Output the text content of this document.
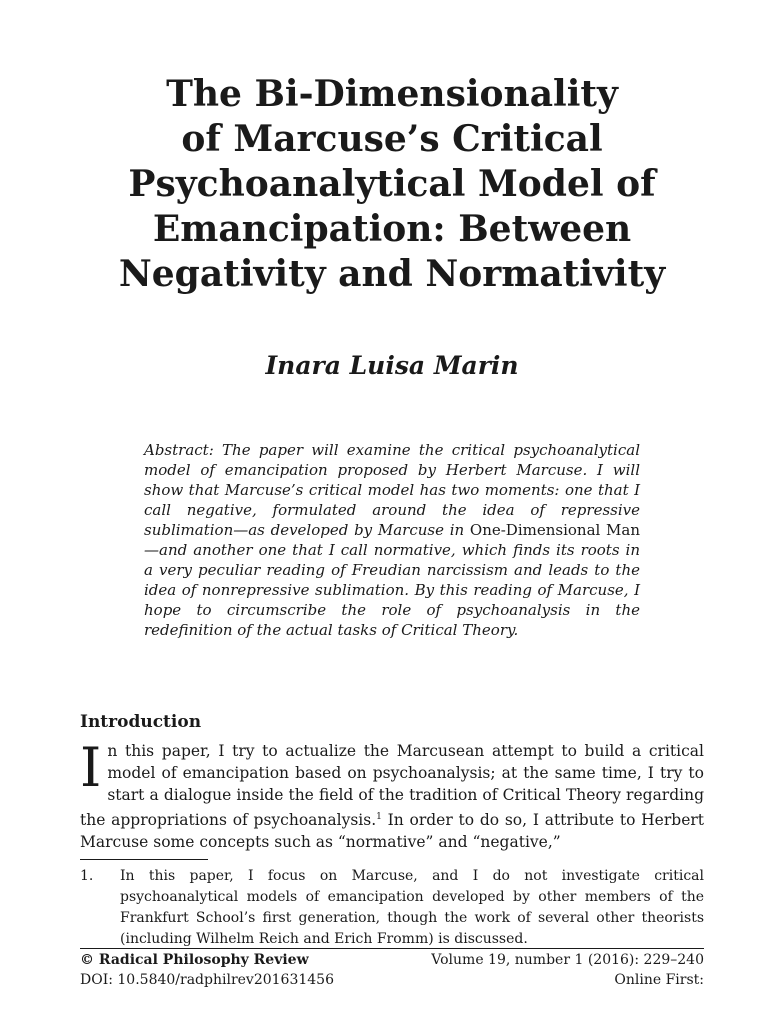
The Bi-Dimensionality
of Marcuse’s Critical
Psychoanalytical Model of
Emancipation: Between
Negativity and Normativity
Inara Luisa Marin

Abstract: The paper will examine the critical psychoanalytical model of emancipation proposed by Herbert Marcuse. I will show that Marcuse’s critical model has two moments: one that I call negative, formulated around the idea of repressive sublimation—as developed by Marcuse in One-Dimensional Man—and another one that I call normative, which finds its roots in a very peculiar reading of Freudian narcissism and leads to the idea of nonrepressive sublimation. By this reading of Marcuse, I hope to circumscribe the role of psychoanalysis in the redefinition of the actual tasks of Critical Theory.

Introduction

In this paper, I try to actualize the Marcusean attempt to build a critical model of emancipation based on psychoanalysis; at the same time, I try to start a dialogue inside the field of the tradition of Critical Theory regarding the appropriations of psychoanalysis.$^1$ In order to do so, I attribute to Herbert Marcuse some concepts such as “normative” and “negative,”

1.	In this paper, I focus on Marcuse, and I do not investigate critical psychoanalytical models of emancipation developed by other members of the Frankfurt School’s first generation, though the work of several other theorists (including Wilhelm Reich and Erich Fromm) is discussed.
© Radical Philosophy Review	Volume 19, number 1 (2016): 229–240
DOI: 10.5840/radphilrev201631456	Online First:
